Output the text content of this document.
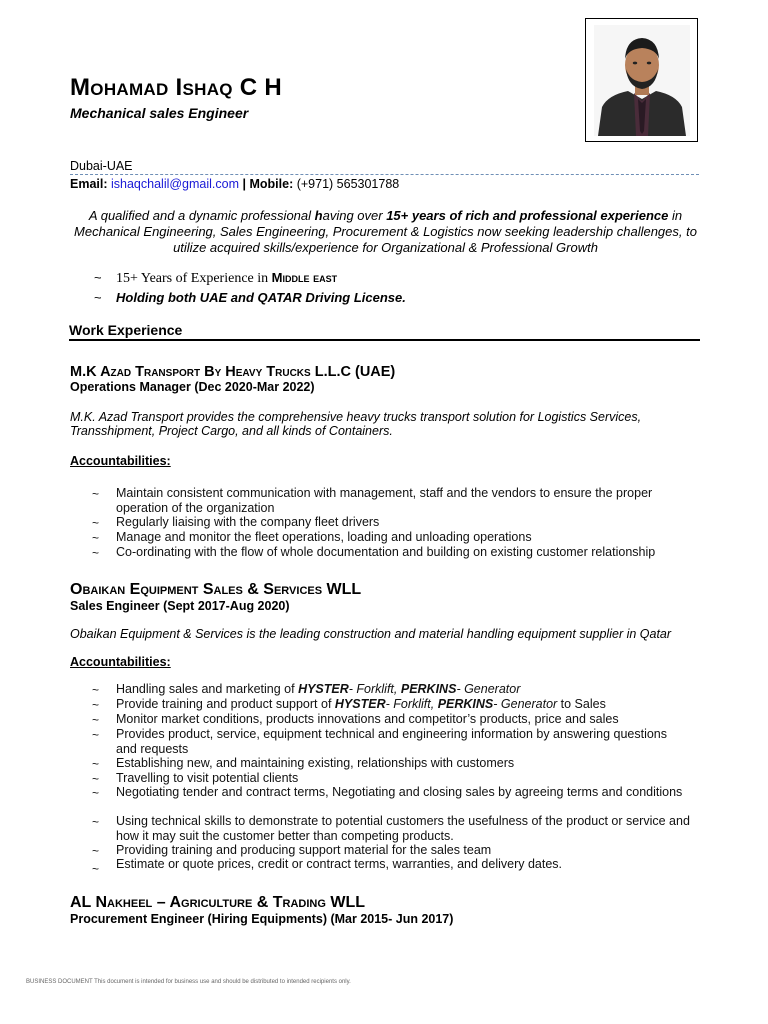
Mohamad Ishaq C H
Mechanical sales Engineer
Dubai-UAE
Email: ishaqchalil@gmail.com | Mobile: (+971) 565301788
A qualified and a dynamic professional having over 15+ years of rich and professional experience in Mechanical Engineering, Sales Engineering, Procurement & Logistics now seeking leadership challenges, to utilize acquired skills/experience for Organizational & Professional Growth
~ 15+ Years of Experience in Middle east
~ Holding both UAE and QATAR Driving License.
Work Experience
M.K Azad Transport By Heavy Trucks L.L.C (UAE)
Operations Manager (Dec 2020-Mar 2022)
M.K. Azad Transport provides the comprehensive heavy trucks transport solution for Logistics Services, Transshipment, Project Cargo, and all kinds of Containers.
Accountabilities:
~ Maintain consistent communication with management, staff and the vendors to ensure the proper operation of the organization
~ Regularly liaising with the company fleet drivers
~ Manage and monitor the fleet operations, loading and unloading operations
~ Co-ordinating with the flow of whole documentation and building on existing customer relationship
Obaikan Equipment Sales & Services WLL
Sales Engineer (Sept 2017-Aug 2020)
Obaikan Equipment & Services is the leading construction and material handling equipment supplier in Qatar
Accountabilities:
~ Handling sales and marketing of HYSTER- Forklift, PERKINS- Generator
~ Provide training and product support of HYSTER- Forklift, PERKINS- Generator to Sales
~ Monitor market conditions, products innovations and competitor’s products, price and sales
~ Provides product, service, equipment technical and engineering information by answering questions and requests
~ Establishing new, and maintaining existing, relationships with customers
~ Travelling to visit potential clients
~ Negotiating tender and contract terms, Negotiating and closing sales by agreeing terms and conditions
~ Using technical skills to demonstrate to potential customers the usefulness of the product or service and how it may suit the customer better than competing products.
~ Providing training and producing support material for the sales team
~ Estimate or quote prices, credit or contract terms, warranties, and delivery dates.
AL Nakheel – Agriculture & Trading WLL
Procurement Engineer (Hiring Equipments) (Mar 2015- Jun 2017)
BUSINESS DOCUMENT This document is intended for business use and should be distributed to intended recipients only.
